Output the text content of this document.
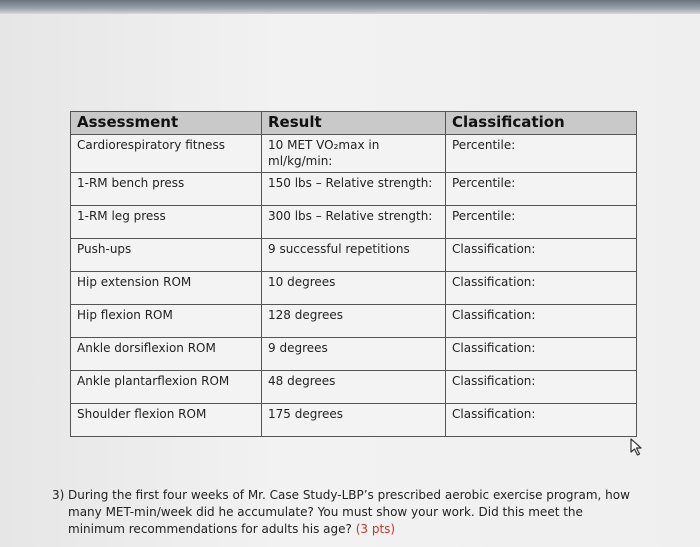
Assessment	Result	Classification
Cardiorespiratory fitness	10 MET VO₂max in ml/kg/min:	Percentile:
1-RM bench press	150 lbs – Relative strength:	Percentile:
1-RM leg press	300 lbs – Relative strength:	Percentile:
Push-ups	9 successful repetitions	Classification:
Hip extension ROM	10 degrees	Classification:
Hip flexion ROM	128 degrees	Classification:
Ankle dorsiflexion ROM	9 degrees	Classification:
Ankle plantarflexion ROM	48 degrees	Classification:
Shoulder flexion ROM	175 degrees	Classification:
3) During the first four weeks of Mr. Case Study-LBP’s prescribed aerobic exercise program, how many MET-min/week did he accumulate? You must show your work. Did this meet the minimum recommendations for adults his age? (3 pts)
